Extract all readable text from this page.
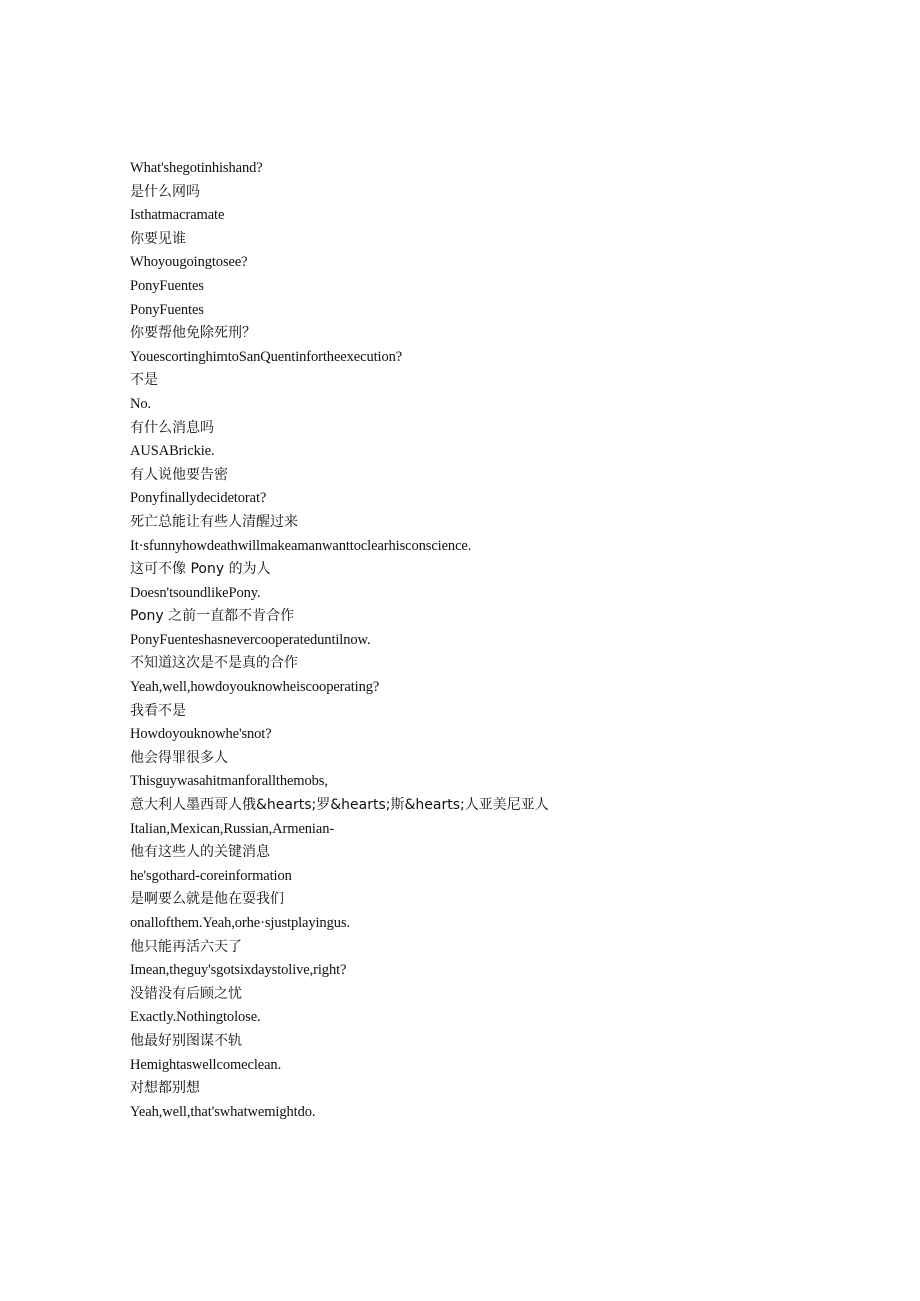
What'shegotinhishand?
是什么网吗
Isthatmacramate
你要见谁
Whoyougoingtosee?
PonyFuentes
PonyFuentes
你要帮他免除死刑？
YouescortinghimtoSanQuentinfortheexecution?
不是
No.
有什么消息吗
AUSABrickie.
有人说他要告密
Ponyfinallydecidetorat?
死亡总能让有些人清醒过来
It·sfunnyhowdeathwillmakeamanwanttoclearhisconscience.
这可不像 Pony 的为人
Doesn'tsoundlikePony.
Pony 之前一直都不肯合作
PonyFuenteshasnevercooperateduntilnow.
不知道这次是不是真的合作
Yeah,well,howdoyouknowheiscooperating?
我看不是
Howdoyouknowhe'snot?
他会得罪很多人
Thisguywasahitmanforallthemobs,
意大利人墨西哥人俄&hearts;罗&hearts;斯&hearts;人亚美尼亚人
Italian,Mexican,Russian,Armenian-
他有这些人的关键消息
he'sgothard-coreinformation
是啊要么就是他在耍我们
onallofthem.Yeah,orhe·sjustplayingus.
他只能再活六天了
Imean,theguy'sgotsixdaystolive,right?
没错没有后顾之忧
Exactly.Nothingtolose.
他最好别图谋不轨
Hemightaswellcomeclean.
对想都别想
Yeah,well,that'swhatwemightdo.
